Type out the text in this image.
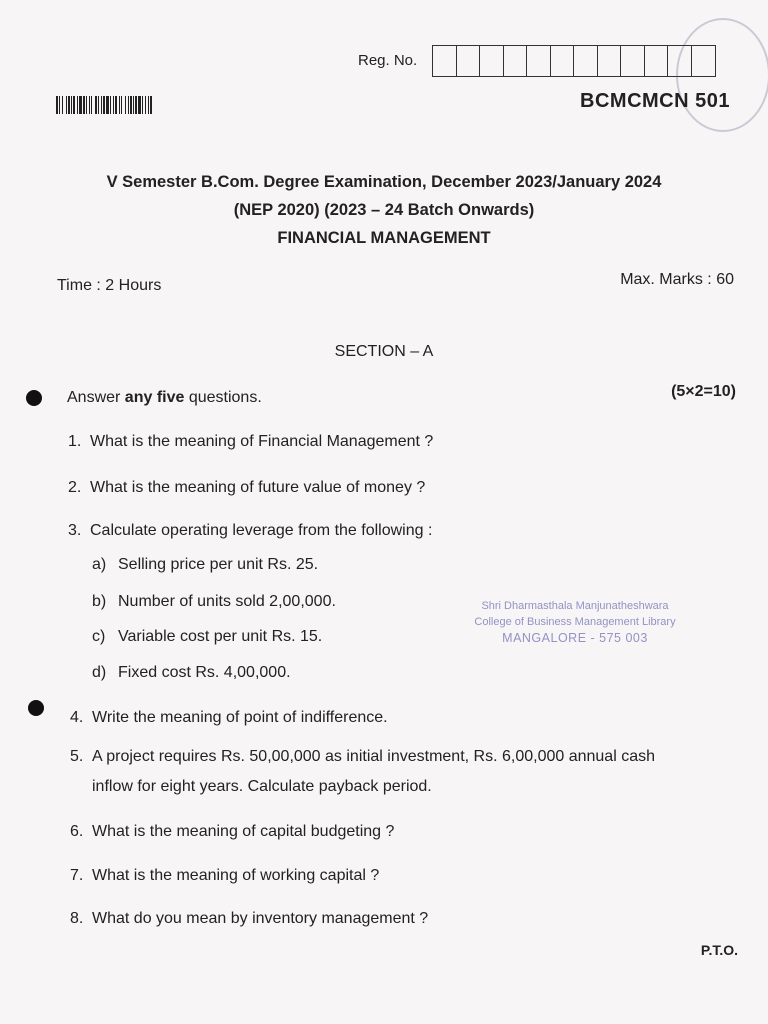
Reg. No.
BCMCMCN 501
V Semester B.Com. Degree Examination, December 2023/January 2024
(NEP 2020) (2023 – 24 Batch Onwards)
FINANCIAL MANAGEMENT
Time : 2 Hours	Max. Marks : 60
SECTION – A
Answer any five questions.	(5×2=10)
1. What is the meaning of Financial Management ?
2. What is the meaning of future value of money ?
3. Calculate operating leverage from the following :
a) Selling price per unit Rs. 25.
b) Number of units sold 2,00,000.
c) Variable cost per unit Rs. 15.
d) Fixed cost Rs. 4,00,000.
Shri Dharmasthala Manjunatheshwara
College of Business Management Library
MANGALORE - 575 003
4. Write the meaning of point of indifference.
5. A project requires Rs. 50,00,000 as initial investment, Rs. 6,00,000 annual cash
inflow for eight years. Calculate payback period.
6. What is the meaning of capital budgeting ?
7. What is the meaning of working capital ?
8. What do you mean by inventory management ?
P.T.O.
